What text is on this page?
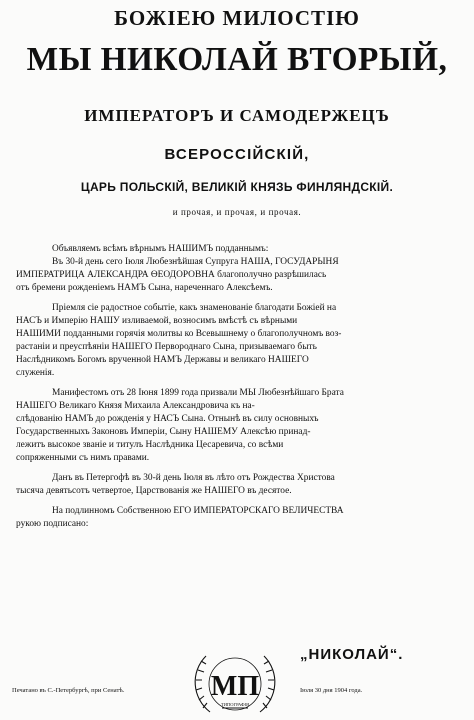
БОЖІЕЮ МИЛОСТІЮ
МЫ НИКОЛАЙ ВТОРЫЙ,
ИМПЕРАТОРЪ И САМОДЕРЖЕЦЪ
ВСЕРОССІЙСКІЙ,
ЦАРЬ ПОЛЬСКІЙ, ВЕЛИКІЙ КНЯЗЬ ФИНЛЯНДСКІЙ.
и прочая, и прочая, и прочая.
Объявляемъ всѣмъ вѣрнымъ НАШИМЪ подданнымъ:
Въ 30-й день сего Іюля Любезнѣйшая Супруга НАША, ГОСУДАРЫНЯ
ИМПЕРАТРИЦА АЛЕКСАНДРА ѲЕОДОРОВНА благополучно разрѣшилась
отъ бремени рожденіемъ НАМЪ Сына, нареченнаго Алексѣемъ.
Пріемля сіе радостное событіе, какъ знаменованіе благодати Божіей на
НАСЪ и Имперію НАШУ изливаемой, возносимъ вмѣстѣ съ вѣрными
НАШИМИ подданными горячія молитвы ко Всевышнему о благополучномъ воз-
растаніи и преуспѣяніи НАШЕГО Первороднаго Сына, призываемаго быть
Наслѣдникомъ Богомъ врученной НАМЪ Державы и великаго НАШЕГО
служенія.
Манифестомъ отъ 28 Іюня 1899 года призвали МЫ Любезнѣйшаго Брата
НАШЕГО Великаго Князя Михаила Александровича къ на-
слѣдованію НАМЪ до рожденія у НАСЪ Сына. Отнынѣ въ силу основныхъ
Государственныхъ Законовъ Имперіи, Сыну НАШЕМУ Алексѣю принад-
лежитъ высокое званіе и титулъ Наслѣдника Цесаревича, со всѣми
сопряженными съ нимъ правами.
Данъ въ Петергофѣ въ 30-й день Іюля въ лѣто отъ Рождества Христова
тысяча девятьсотъ четвертое, Царствованія же НАШЕГО въ десятое.
На подлинномъ Собственною ЕГО ИМПЕРАТОРСКАГО ВЕЛИЧЕСТВА
рукою подписано:
„НИКОЛАЙ“.
Печатано въ С.-Петербургѣ, при Сенатѣ.	МП
ТИПОГРАФІЯ
Іюля 30 дня 1904 года.
